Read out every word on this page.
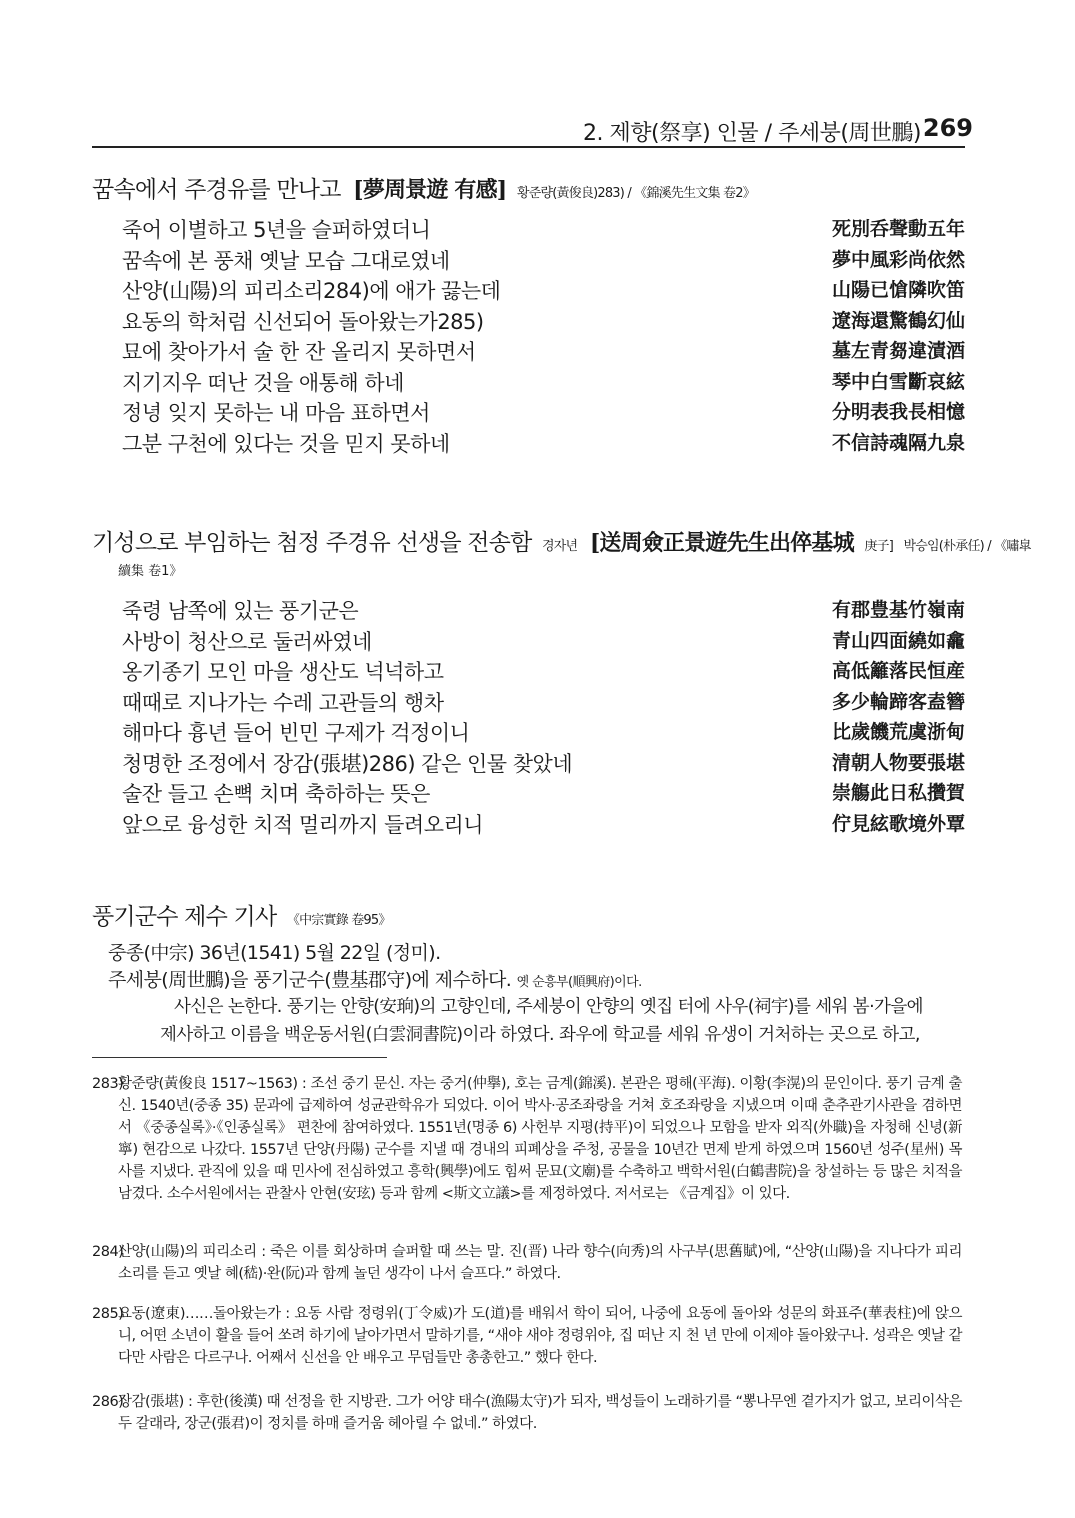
2. 제향(祭享) 인물 / 주세붕(周世鵬) 269
꿈속에서 주경유를 만나고 [夢周景遊 有感] 황준량(黃俊良)283) / 《錦溪先生文集 卷2》
죽어 이별하고 5년을 슬퍼하였더니	死別呑聲動五年
꿈속에 본 풍채 옛날 모습 그대로였네	夢中風彩尚依然
산양(山陽)의 피리소리284)에 애가 끓는데	山陽已愴隣吹笛
요동의 학처럼 신선되어 돌아왔는가285)	遼海還驚鶴幻仙
묘에 찾아가서 술 한 잔 올리지 못하면서	墓左青芻違漬酒
지기지우 떠난 것을 애통해 하네	琴中白雪斷哀絃
정녕 잊지 못하는 내 마음 표하면서	分明表我長相憶
그분 구천에 있다는 것을 믿지 못하네	不信詩魂隔九泉
기성으로 부임하는 첨정 주경유 선생을 전송함 경자년 [送周僉正景遊先生出倅基城 庚子] 박승임(朴承任) / 《嘯皐
續集 卷1》
죽령 남쪽에 있는 풍기군은	有郡豊基竹嶺南
사방이 청산으로 둘러싸였네	青山四面繞如龕
옹기종기 모인 마을 생산도 넉넉하고	高低籬落民恒産
때때로 지나가는 수레 고관들의 행차	多少輪蹄客盍簪
해마다 흉년 들어 빈민 구제가 걱정이니	比歲饑荒虞浙甸
청명한 조정에서 장감(張堪)286) 같은 인물 찾았네	清朝人物要張堪
술잔 들고 손뼉 치며 축하하는 뜻은	崇觴此日私攢賀
앞으로 융성한 치적 멀리까지 들려오리니	佇見絃歌境外覃
풍기군수 제수 기사 《中宗實錄 卷95》
중종(中宗) 36년(1541) 5월 22일 (정미).
주세붕(周世鵬)을 풍기군수(豊基郡守)에 제수하다. 옛 순흥부(順興府)이다.
사신은 논한다. 풍기는 안향(安珦)의 고향인데, 주세붕이 안향의 옛집 터에 사우(祠宇)를 세워 봄·가을에
제사하고 이름을 백운동서원(白雲洞書院)이라 하였다. 좌우에 학교를 세워 유생이 거처하는 곳으로 하고,
283)
황준량(黃俊良 1517~1563) : 조선 중기 문신. 자는 중거(仲擧), 호는 금계(錦溪). 본관은 평해(平海). 이황(李滉)의 문인이다. 풍기 금계 출신. 1540년(중종 35) 문과에 급제하여 성균관학유가 되었다. 이어 박사·공조좌랑을 거쳐 호조좌랑을 지냈으며 이때 춘추관기사관을 겸하면서 《중종실록》·《인종실록》 편찬에 참여하였다. 1551년(명종 6) 사헌부 지평(持平)이 되었으나 모함을 받자 외직(外職)을 자청해 신녕(新寧) 현감으로 나갔다. 1557년 단양(丹陽) 군수를 지낼 때 경내의 피폐상을 주청, 공물을 10년간 면제 받게 하였으며 1560년 성주(星州) 목사를 지냈다. 관직에 있을 때 민사에 전심하였고 흥학(興學)에도 힘써 문묘(文廟)를 수축하고 백학서원(白鶴書院)을 창설하는 등 많은 치적을 남겼다. 소수서원에서는 관찰사 안현(安玹) 등과 함께 <斯文立議>를 제정하였다. 저서로는 《금계집》이 있다.
284)
산양(山陽)의 피리소리 : 죽은 이를 회상하며 슬퍼할 때 쓰는 말. 진(晋) 나라 향수(向秀)의 사구부(思舊賦)에, “산양(山陽)을 지나다가 피리소리를 듣고 옛날 혜(嵇)·완(阮)과 함께 놀던 생각이 나서 슬프다.” 하였다.
285)
요동(遼東)……돌아왔는가 : 요동 사람 정령위(丁令威)가 도(道)를 배워서 학이 되어, 나중에 요동에 돌아와 성문의 화표주(華表柱)에 앉으니, 어떤 소년이 활을 들어 쏘려 하기에 날아가면서 말하기를, “새야 새야 정령위야, 집 떠난 지 천 년 만에 이제야 돌아왔구나. 성곽은 옛날 같다만 사람은 다르구나. 어째서 신선을 안 배우고 무덤들만 총총한고.” 했다 한다.
286)
장감(張堪) : 후한(後漢) 때 선정을 한 지방관. 그가 어양 태수(漁陽太守)가 되자, 백성들이 노래하기를 “뽕나무엔 곁가지가 없고, 보리이삭은 두 갈래라, 장군(張君)이 정치를 하매 즐거움 헤아릴 수 없네.” 하였다.
